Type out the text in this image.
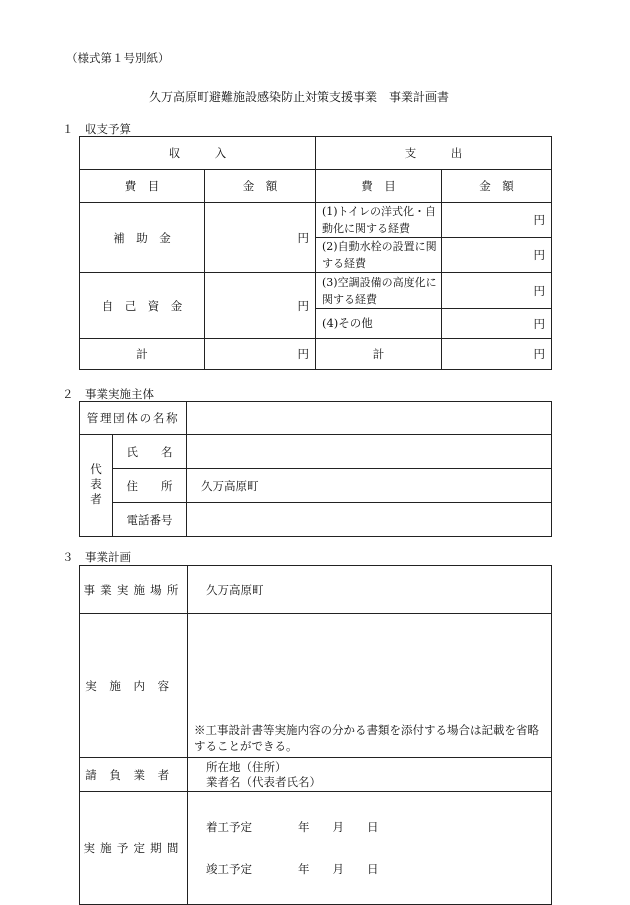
（様式第１号別紙）
久万高原町避難施設感染防止対策支援事業　事業計画書
１　収支予算
収　　　入		支　　　出	
費　目	金　額	費　目	金　額
補　助　金	円	(1)トイレの洋式化・自動化に関する経費	円

		(2)自動水栓の設置に関する経費	円
自　己　資　金	円	(3)空調設備の高度化に関する経費	円

		(4)その他	円
計	円	計	円
２　事業実施主体
管理団体の名称		

代表者	氏　　名	
	住　　所	久万高原町
	電話番号	
３　事業計画
事業実施場所	久万高原町
実施内容	※工事設計書等実施内容の分かる書類を添付する場合は記載を省略することができる。
請負業者	所在地（住所）
業者名（代表者氏名）

実施予定期間	着工予定　　　　年　　月　　日

竣工予定　　　　年　　月　　日
